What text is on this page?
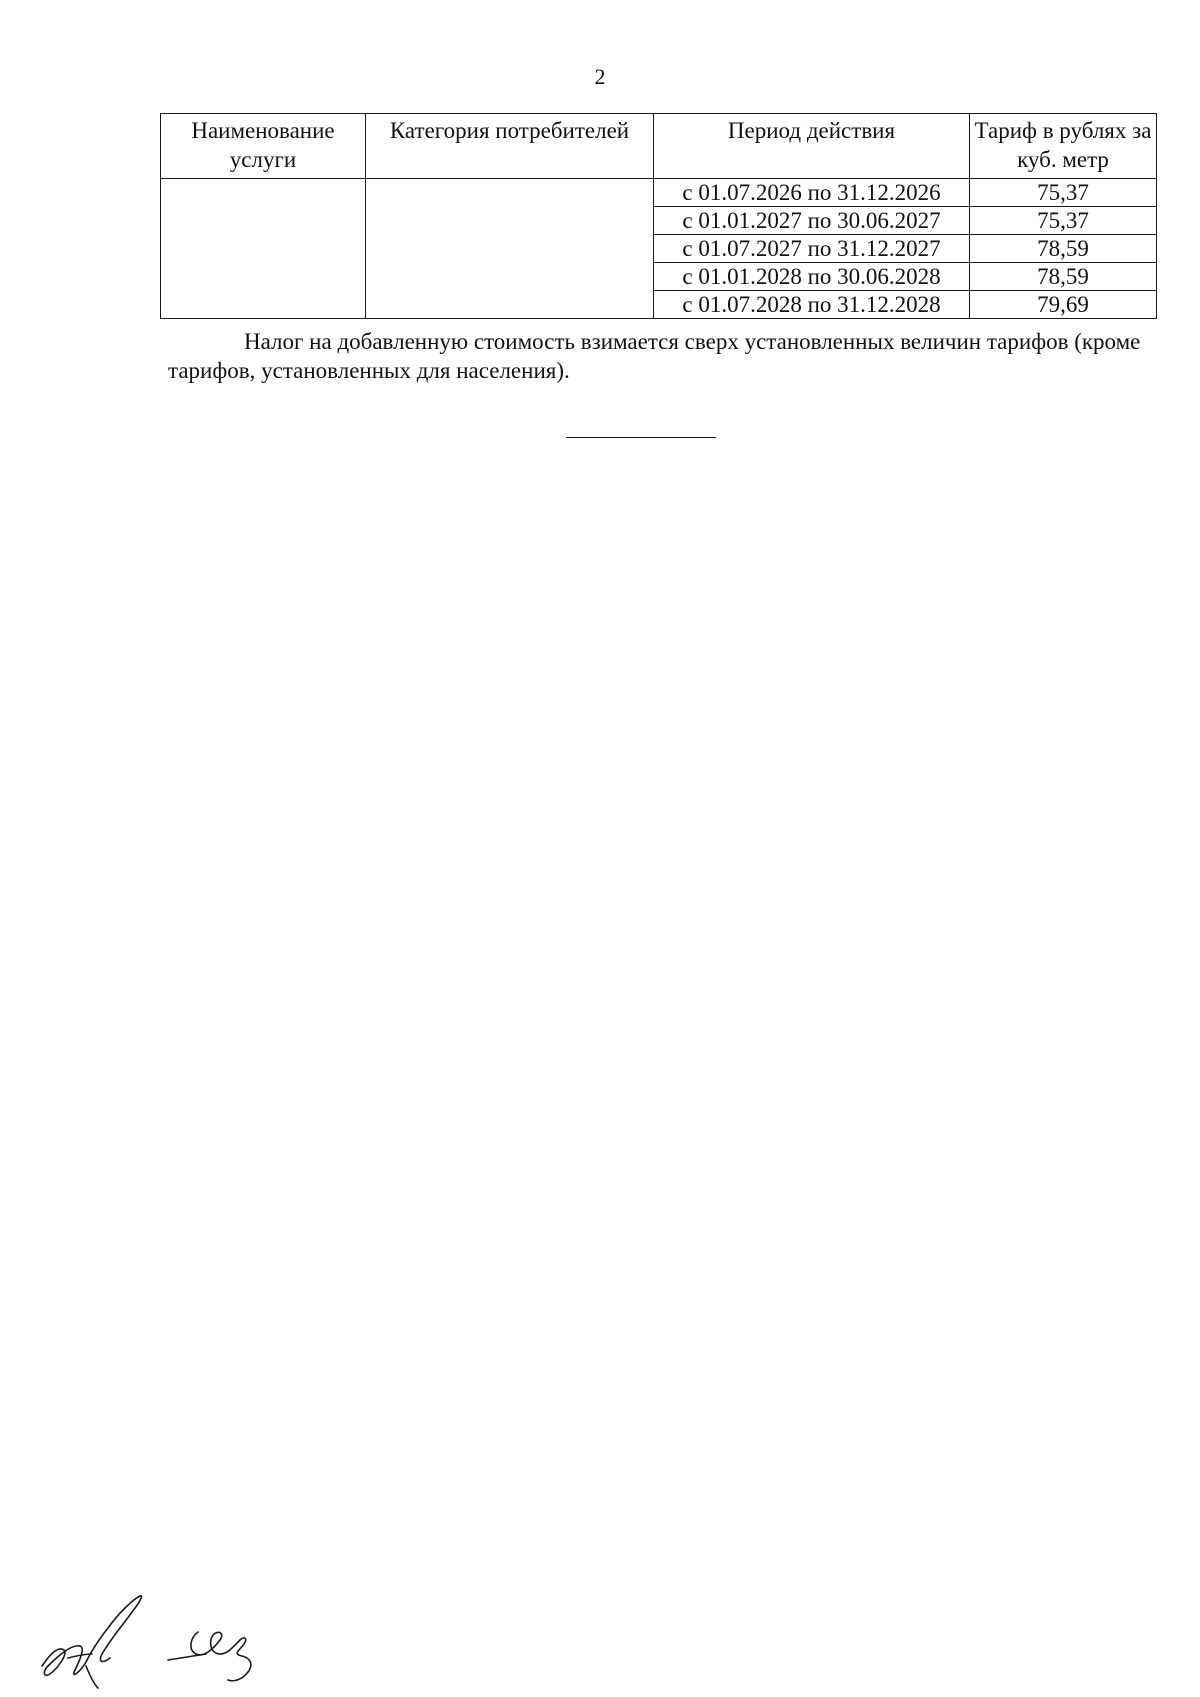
2
Наименование услуги	Категория потребителей	Период действия	Тариф в рублях за куб. метр
		с 01.07.2026 по 31.12.2026	75,37
		с 01.01.2027 по 30.06.2027	75,37
		с 01.07.2027 по 31.12.2027	78,59
		с 01.01.2028 по 30.06.2028	78,59
		с 01.07.2028 по 31.12.2028	79,69

Налог на добавленную стоимость взимается сверх установленных величин тарифов (кроме тарифов, установленных для населения).
